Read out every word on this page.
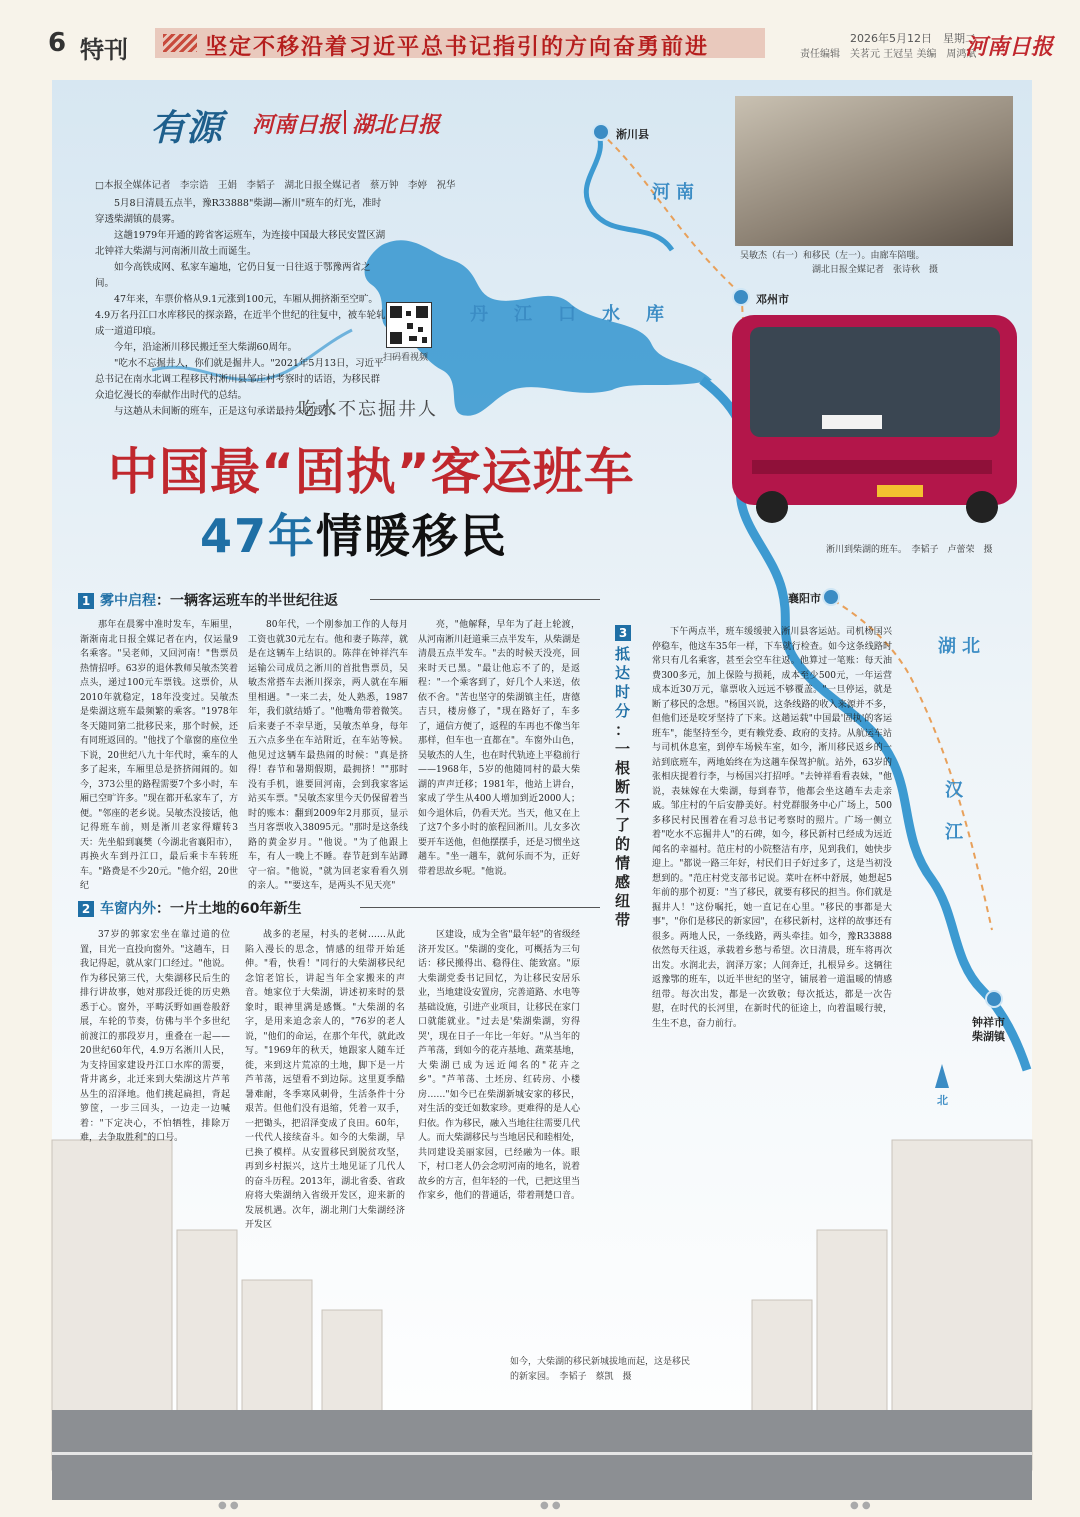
6 特刊	坚定不移沿着习近平总书记指引的方向奋勇前进	2026年5月12日　星期二
责任编辑　关茗元 王冠呈 美编　周鸿斌
河南日报
淅川县
邓州市
襄阳市
钟祥市
柴湖镇
河南
湖北
丹江口水库
汉江
北
有源 河南日报 湖北日报
□本报全媒体记者　李宗诰　王娟　李韬子　湖北日报全媒记者　蔡万钟　李婷　祝华

5月8日清晨五点半，豫R33888"柴湖—淅川"班车的灯光，准时穿透柴湖镇的晨雾。

这趟1979年开通的跨省客运班车，为连接中国最大移民安置区湖北钟祥大柴湖与河南淅川故土而诞生。

如今高铁成网、私家车遍地，它仍日复一日往返于鄂豫两省之间。

47年来，车票价格从9.1元涨到100元，车厢从拥挤渐至空旷。4.9万名丹江口水库移民的探亲路，在近半个世纪的往复中，被车轮轧成一道道印痕。

今年，沿途淅川移民搬迁至大柴湖60周年。

"吃水不忘掘井人，你们就是掘井人。"2021年5月13日，习近平总书记在南水北调工程移民村淅川县邹庄村考察时的话语，为移民群众追忆漫长的奉献作出时代的总结。

与这趟从未间断的班车，正是这句承诺最持久的践行。

扫码看视频
吴敏杰（右一）和移民（左一）。由廊车陪嗤。
湖北日报全媒记者　张诗秋　摄
淅川到柴湖的班车。　李韬子　卢蕾荣　摄
吃水不忘掘井人
中国最“固执”客运班车
47年情暖移民
1 雾中启程：一辆客运班车的半世纪往返

那年在晨雾中准时发车，车厢里，渐渐南北日报全媒记者在内，仅运量9名乘客。"吴老师，又回河南！"售票员热情招呼。63岁的退休教师吴敏杰笑着点头，递过100元车票钱。这票价，从2010年就稳定，18年没变过。吴敏杰是柴湖这班车最频繁的乘客。"1978年冬天随同第二批移民来，那个时候，还有同班返回的。"他找了个靠窗的座位坐下说，20世纪八九十年代时，乘车的人多了起来，车厢里总是挤挤闹闹的。如今，373公里的路程需要7个多小时，车厢已空旷许多。"现在都开私家车了，方便。"邻座的老乡说。吴敏杰没接话，他记得班车前，则是淅川老家得耀转3天：先坐船到襄樊（今湖北省襄阳市），再换火车到丹江口，最后乘卡车转班车。"路费是不少20元。"他介绍，20世纪

80年代，一个刚参加工作的人每月工资也就30元左右。他和妻子陈萍，就是在这辆车上结识的。陈萍在钟祥汽车运输公司成员之淅川的首批售票员，吴敏杰常搭车去淅川探亲，两人就在车厢里相遇。"一来二去，处人熟悉，1987年，我们就结婚了。"他嘴角带着微笑。后来妻子不幸早逝，吴敏杰单身，每年五六点多坐在车站附近，在车站等候。他见过这辆车最热闹的时候："真是挤得！春节和暑期假期，最拥挤！""那时没有手机，谁要回河南，会到我家客运站买车票。"吴敏杰家里今天仍保留着当时的账本：翻到2009年2月那页，显示当月客票收入38095元。"那时是这条线路的黄金岁月。"他说。"为了他跟上车，有人一晚上不睡。春节赶到车站蹲守一宿。"他说，"就为回老家看看久别的亲人。""要这车，是两头不见天亮"

亮，"他解释，早年为了赶上轮渡，从河南淅川赶道乘三点半发车，从柴湖是清晨五点半发车。"去的时候天没亮，回来时天已黑。"最让他忘不了的，是返程："一个乘客到了，好几个人来送，依依不舍。"苦也坚守的柴湖镇主任，唐德吉只，楼房修了，"现在路好了，车多了，通信方便了，返程的车再也不像当年那样，但车也一直都在"。车窗外山色，吴敏杰的人生，也在时代轨迹上平稳前行——1968年，5岁的他随同村的最大柴湖的声声迁移；1981年，他站上讲台，家成了学生从400人增加到近2000人；如今退休后，仍看天光。当天，他又在上了这7个多小时的旅程回淅川。儿女多次要开车送他，但他摆摆手，还是习惯坐这趟车。"坐一趟车，就何乐而不为，正好带着思故乡呢。"他说。

2 车窗内外：一片土地的60年新生

37岁的郭家宏坐在靠过道的位置，目光一直投向窗外。"这趟车，日我记得起，就从家门口经过。"他说。作为移民第三代，大柴湖移民后生的排行讲故事，她对那段迁徙的历史熟悉于心。窗外，平畴沃野如画卷般舒展，车轮的节奏，仿佛与半个多世纪前渡江的那段岁月，重叠在一起——20世纪60年代，4.9万名淅川人民，为支持国家建设丹江口水库的需要，背井离乡，北迁来到大柴湖这片芦苇丛生的沼泽地。他们挑起扁担，背起箩筐，一步三回头，一边走一边喊着："下定决心，不怕牺牲，排除万难，去争取胜利"的口号。

战多的老屋，村头的老树……从此陷入漫长的思念，情感的纽带开始延伸。"看，快看！"同行的大柴湖移民纪念馆老馆长，讲起当年全家搬来的声音。她家位于大柴湖，讲述初来时的景象时，眼神里满是感慨。"大柴湖的名字，是用来追念亲人的，"76岁的老人说，"他们的命运，在那个年代，就此改写。"1969年的秋天，她跟家人随车迁徙，来到这片荒凉的土地，脚下是一片芦苇荡，远望看不到边际。这里夏季酷暑难耐，冬季寒风刺骨，生活条件十分艰苦。但他们没有退缩，凭着一双手，一把锄头，把沼泽变成了良田。60年，一代代人接续奋斗。如今的大柴湖，早已换了模样。从安置移民到脱贫攻坚，再到乡村振兴，这片土地见证了几代人的奋斗历程。2013年，湖北省委、省政府将大柴湖纳入省级开发区，迎来新的发展机遇。次年，湖北荆门大柴湖经济开发区

区建设，成为全省"最年轻"的省级经济开发区。"柴湖的变化，可概括为三句话：移民搬得出、稳得住、能致富。"原大柴湖党委书记回忆，为让移民安居乐业，当地建设安置房，完善道路、水电等基础设施，引进产业项目，让移民在家门口就能就业。"过去是'柴湖柴湖，穷得哭'，现在日子一年比一年好。"从当年的芦苇荡，到如今的花卉基地、蔬菜基地，大柴湖已成为远近闻名的"花卉之乡"。"芦苇荡、土坯房、红砖房、小楼房……"如今已在柴湖新城安家的移民，对生活的变迁如数家珍。更难得的是人心归依。作为移民，融入当地往往需要几代人。而大柴湖移民与当地居民和睦相处，共同建设美丽家园，已经融为一体。眼下，村口老人仍会念叨河南的地名，说着故乡的方言，但年轻的一代，已把这里当作家乡，他们的普通话，带着荆楚口音。

3
抵达时分
：
一根断不了的情感纽带

下午两点半，班车缓缓驶入淅川县客运站。司机杨国兴停稳车，他这车35年一样，下车就行检查。如今这条线路时常只有几名乘客，甚至会空车往返。他算过一笔账：每天油费300多元，加上保险与损耗，成本至少500元，一年运营成本近30万元，靠票收入远远不够覆盖。"一旦停运，就是断了移民的念想。"杨国兴说，这条线路的收入来源并不多，但他们还是咬牙坚持了下来。这趟运载"中国最'固执'的客运班车"，能坚持至今，更有赖党委、政府的支持。从航运车站与司机休息室，到停车场候车室，如今，淅川移民返乡的一站到底班车，两地始终在为这趟车保驾护航。站外，63岁的张相庆提着行李，与杨国兴打招呼。"去钟祥看看表妹，"他说，表妹嫁在大柴湖，每到春节，他都会坐这趟车去走亲戚。邹庄村的午后安静美好。村党群服务中心广场上，500多移民村民围着在看习总书记考察时的照片。广场一侧立着"吃水不忘掘井人"的石碑，如今，移民新村已经成为远近闻名的幸福村。范庄村的小院整洁有序，见到我们，她快步迎上。"都说一路三年好，村民们日子好过多了，这是当初没想到的。"范庄村党支部书记说。菜叶在杯中舒展，她想起5年前的那个初夏："当了移民，就要有移民的担当。你们就是掘井人！"这份嘱托，她一直记在心里。"移民的事都是大事"，"你们是移民的新家园"，在移民新村，这样的故事还有很多。两地人民，一条线路，两头牵挂。如今，豫R33888依然每天往返，承载着乡愁与希望。次日清晨，班车将再次出发。水润北去，润泽万家；人间奔迁，扎根异乡。这辆往返豫鄂的班车，以近半世纪的坚守，铺展着一道温暖的情感纽带。每次出发，都是一次致敬；每次抵达，都是一次告慰，在时代的长河里，在新时代的征途上，向着温暖行驶，生生不息，奋力前行。

如今，大柴湖的移民新城拔地而起，这是移民的新家园。　李韬子　蔡凯　摄
● ●	● ●	● ●
